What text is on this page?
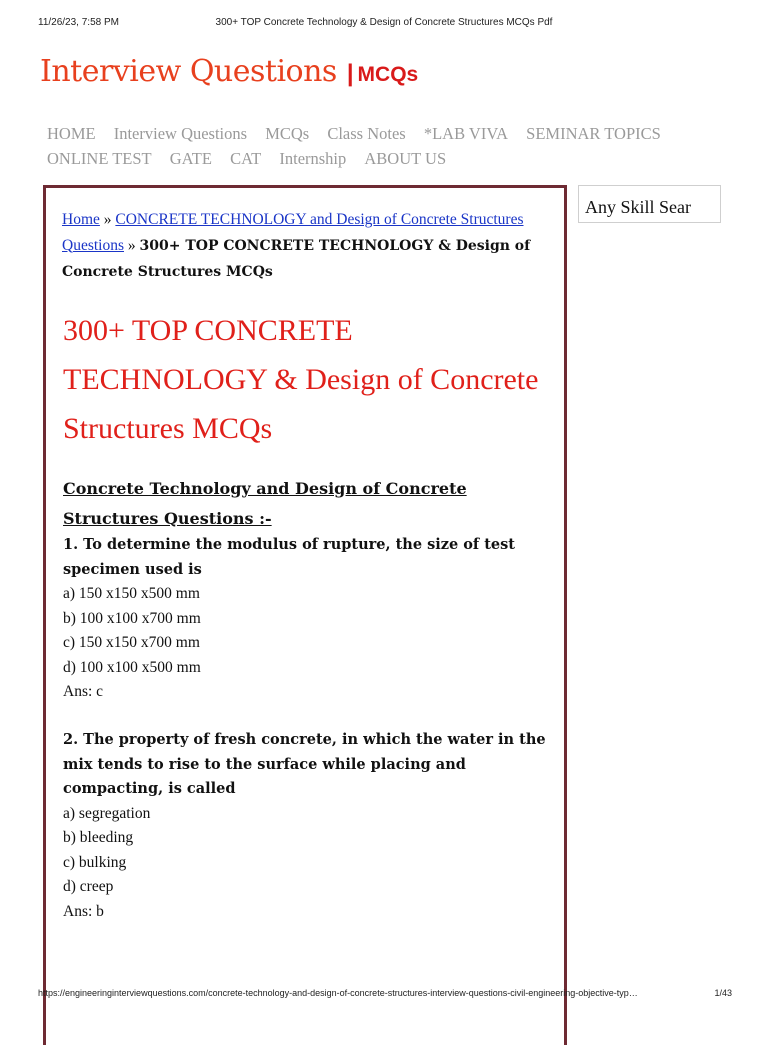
11/26/23, 7:58 PM	300+ TOP Concrete Technology & Design of Concrete Structures MCQs Pdf
Interview Questions | MCQs
HOME Interview Questions MCQs Class Notes *LAB VIVA SEMINAR TOPICS ONLINE TEST GATE CAT Internship ABOUT US
Home » CONCRETE TECHNOLOGY and Design of Concrete Structures Questions » 300+ TOP CONCRETE TECHNOLOGY & Design of Concrete Structures MCQs
300+ TOP CONCRETE TECHNOLOGY & Design of Concrete Structures MCQs
Concrete Technology and Design of Concrete Structures Questions :-
1. To determine the modulus of rupture, the size of test specimen used is
a) 150 x150 x500 mm
b) 100 x100 x700 mm
c) 150 x150 x700 mm
d) 100 x100 x500 mm
Ans: c
2. The property of fresh concrete, in which the water in the mix tends to rise to the surface while placing and compacting, is called
a) segregation
b) bleeding
c) bulking
d) creep
Ans: b
Any Skill Sear
https://engineeringinterviewquestions.com/concrete-technology-and-design-of-concrete-structures-interview-questions-civil-engineering-objective-typ…	1/43
